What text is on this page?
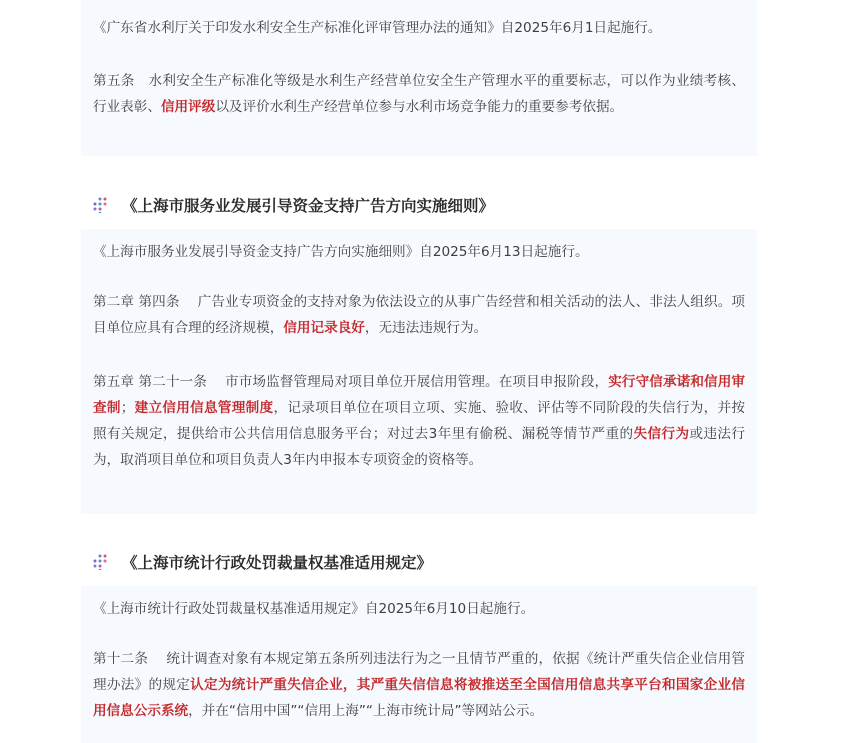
《广东省水利厅关于印发水利安全生产标准化评审管理办法的通知》自2025年6月1日起施行。

第五条　水利安全生产标准化等级是水利生产经营单位安全生产管理水平的重要标志，可以作为业绩考核、行业表彰、信用评级以及评价水利生产经营单位参与水利市场竞争能力的重要参考依据。

《上海市服务业发展引导资金支持广告方向实施细则》

《上海市服务业发展引导资金支持广告方向实施细则》自2025年6月13日起施行。

第二章 第四条　 广告业专项资金的支持对象为依法设立的从事广告经营和相关活动的法人、非法人组织。项目单位应具有合理的经济规模，信用记录良好，无违法违规行为。

第五章 第二十一条　 市市场监督管理局对项目单位开展信用管理。在项目申报阶段，实行守信承诺和信用审查制；建立信用信息管理制度，记录项目单位在项目立项、实施、验收、评估等不同阶段的失信行为，并按照有关规定，提供给市公共信用信息服务平台；对过去3年里有偷税、漏税等情节严重的失信行为或违法行为，取消项目单位和项目负责人3年内申报本专项资金的资格等。

《上海市统计行政处罚裁量权基准适用规定》

《上海市统计行政处罚裁量权基准适用规定》自2025年6月10日起施行。

第十二条　 统计调查对象有本规定第五条所列违法行为之一且情节严重的，依据《统计严重失信企业信用管理办法》的规定认定为统计严重失信企业，其严重失信信息将被推送至全国信用信息共享平台和国家企业信用信息公示系统，并在“信用中国”“信用上海”“上海市统计局”等网站公示。
